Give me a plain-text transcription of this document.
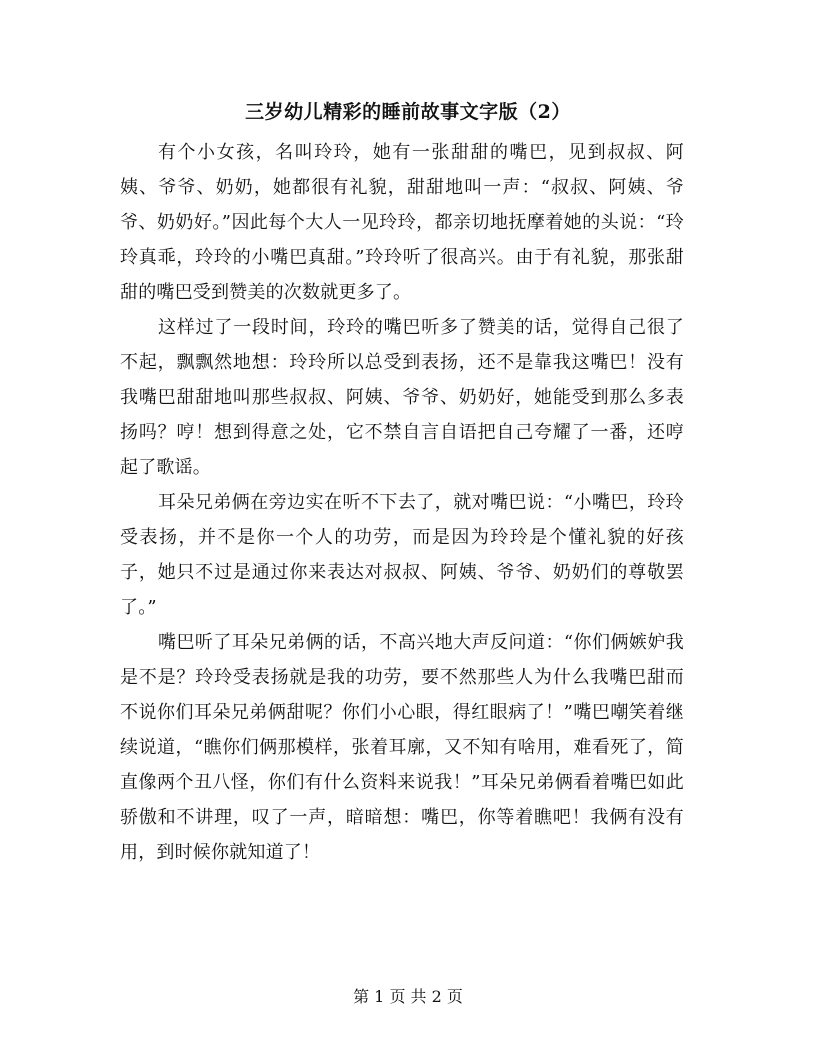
三岁幼儿精彩的睡前故事文字版（2）

有个小女孩，名叫玲玲，她有一张甜甜的嘴巴，见到叔叔、阿姨、爷爷、奶奶，她都很有礼貌，甜甜地叫一声：“叔叔、阿姨、爷爷、奶奶好。”因此每个大人一见玲玲，都亲切地抚摩着她的头说：“玲玲真乖，玲玲的小嘴巴真甜。”玲玲听了很高兴。由于有礼貌，那张甜甜的嘴巴受到赞美的次数就更多了。

这样过了一段时间，玲玲的嘴巴听多了赞美的话，觉得自己很了不起，飘飘然地想：玲玲所以总受到表扬，还不是靠我这嘴巴！没有我嘴巴甜甜地叫那些叔叔、阿姨、爷爷、奶奶好，她能受到那么多表扬吗？哼！想到得意之处，它不禁自言自语把自己夸耀了一番，还哼起了歌谣。

耳朵兄弟俩在旁边实在听不下去了，就对嘴巴说：“小嘴巴，玲玲受表扬，并不是你一个人的功劳，而是因为玲玲是个懂礼貌的好孩子，她只不过是通过你来表达对叔叔、阿姨、爷爷、奶奶们的尊敬罢了。”

嘴巴听了耳朵兄弟俩的话，不高兴地大声反问道：“你们俩嫉妒我是不是？玲玲受表扬就是我的功劳，要不然那些人为什么我嘴巴甜而不说你们耳朵兄弟俩甜呢？你们小心眼，得红眼病了！”嘴巴嘲笑着继续说道，“瞧你们俩那模样，张着耳廓，又不知有啥用，难看死了，简直像两个丑八怪，你们有什么资料来说我！”耳朵兄弟俩看着嘴巴如此骄傲和不讲理，叹了一声，暗暗想：嘴巴，你等着瞧吧！我俩有没有用，到时候你就知道了！

第 1 页 共 2 页
